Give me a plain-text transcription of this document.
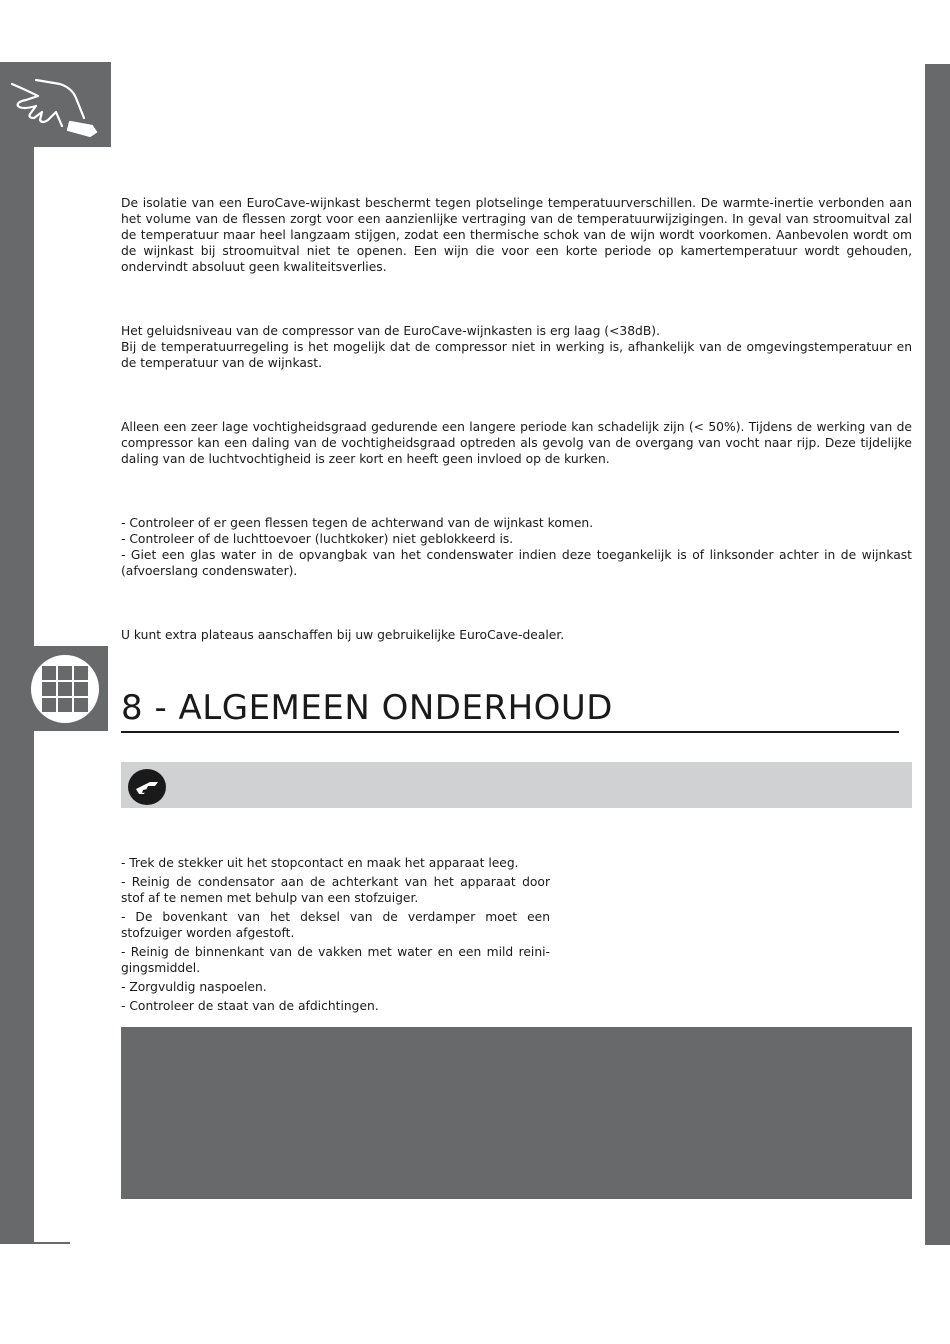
De isolatie van een EuroCave-wijnkast beschermt tegen plotselinge temperatuurverschillen. De warmte-inertie verbonden aan het volume van de flessen zorgt voor een aanzienlijke vertraging van de temperatuurwijzigingen. In geval van stroomuitval zal de temperatuur maar heel langzaam stijgen, zodat een thermische schok van de wijn wordt voorkomen. Aanbevolen wordt om de wijnkast bij stroomuitval niet te openen. Een wijn die voor een korte periode op kamertemperatuur wordt gehouden, ondervindt absoluut geen kwaliteitsverlies.

Het geluidsniveau van de compressor van de EuroCave-wijnkasten is erg laag (<38dB).
Bij de temperatuurregeling is het mogelijk dat de compressor niet in werking is, afhankelijk van de omgevingstemperatuur en de temperatuur van de wijnkast.

Alleen een zeer lage vochtigheidsgraad gedurende een langere periode kan schadelijk zijn (< 50%). Tijdens de werking van de compressor kan een daling van de vochtigheidsgraad optreden als gevolg van de overgang van vocht naar rijp. Deze tijdelijke daling van de luchtvochtigheid is zeer kort en heeft geen invloed op de kurken.

- Controleer of er geen flessen tegen de achterwand van de wijnkast komen.
- Controleer of de luchttoevoer (luchtkoker) niet geblokkeerd is.
- Giet een glas water in de opvangbak van het condenswater indien deze toegankelijk is of linksonder achter in de wijnkast (afvoerslang condenswater).

U kunt extra plateaus aanschaffen bij uw gebruikelijke EuroCave-dealer.

8 - ALGEMEEN ONDERHOUD
- Trek de stekker uit het stopcontact en maak het apparaat leeg.
- Reinig de condensator aan de achterkant van het apparaat door stof af te nemen met behulp van een stofzuiger.
- De bovenkant van het deksel van de verdamper moet een stofzuiger worden afgestoft.
- Reinig de binnenkant van de vakken met water en een mild reini-gingsmiddel.
- Zorgvuldig naspoelen.
- Controleer de staat van de afdichtingen.
